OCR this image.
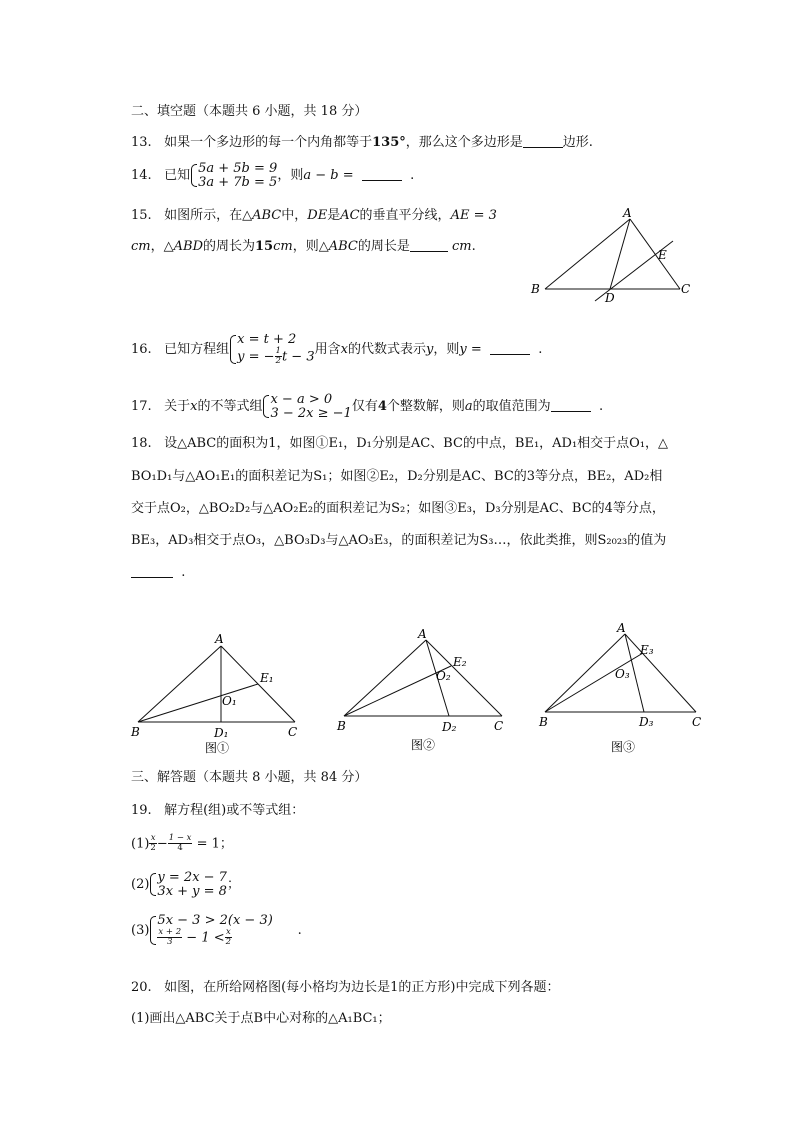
二、填空题（本题共 6 小题，共 18 分）
13. 如果一个多边形的每一个内角都等于135°，那么这个多边形是	边形.
14. 已知 5a + 5b = 9
3a + 7b = 5 ，则a − b =	.
15. 如图所示，在△ABC中，DE是AC的垂直平分线，AE = 3
cm，△ABD的周长为15cm，则△ABC的周长是	cm.
A
B	C
D
E
16. 已知方程组
x = t + 2
y = − $\frac{1}{2}$ t − 3 用含x的代数式表示y，则y =	.
17. 关于x的不等式组 x − a > 0
3 − 2x ≥ −1 仅有4个整数解，则a的取值范围为	.
18. 设△ABC的面积为1，如图①E₁，D₁分别是AC、BC的中点，BE₁，AD₁相交于点O₁，△
BO₁D₁与△AO₁E₁的面积差记为S₁；如图②E₂，D₂分别是AC、BC的3等分点，BE₂，AD₂相
交于点O₂，△BO₂D₂与△AO₂E₂的面积差记为S₂；如图③E₃，D₃分别是AC、BC的4等分点，
BE₃，AD₃相交于点O₃，△BO₃D₃与△AO₃E₃，的面积差记为S₃…，依此类推，则S₂₀₂₃的值为
.
A
B	C
D₁
E₁
O₁
图①
A
B	C
D₂
E₂
O₂
图②
A
B	C
D₃
E₃
O₃
图③
三、解答题（本题共 8 小题，共 84 分）
19. 解方程(组)或不等式组：
$(1) \frac{x}{2} - \frac{1 - x}{4} = 1$；
(2) y = 2x − 7
3x + y = 8 ；
(3)
5x − 3 > 2(x − 3)
$\frac{x + 2}{3} - 1 < \frac{x}{2}$	.
20. 如图，在所给网格图(每小格均为边长是1的正方形)中完成下列各题：
(1)画出△ABC关于点B中心对称的△A₁BC₁；
